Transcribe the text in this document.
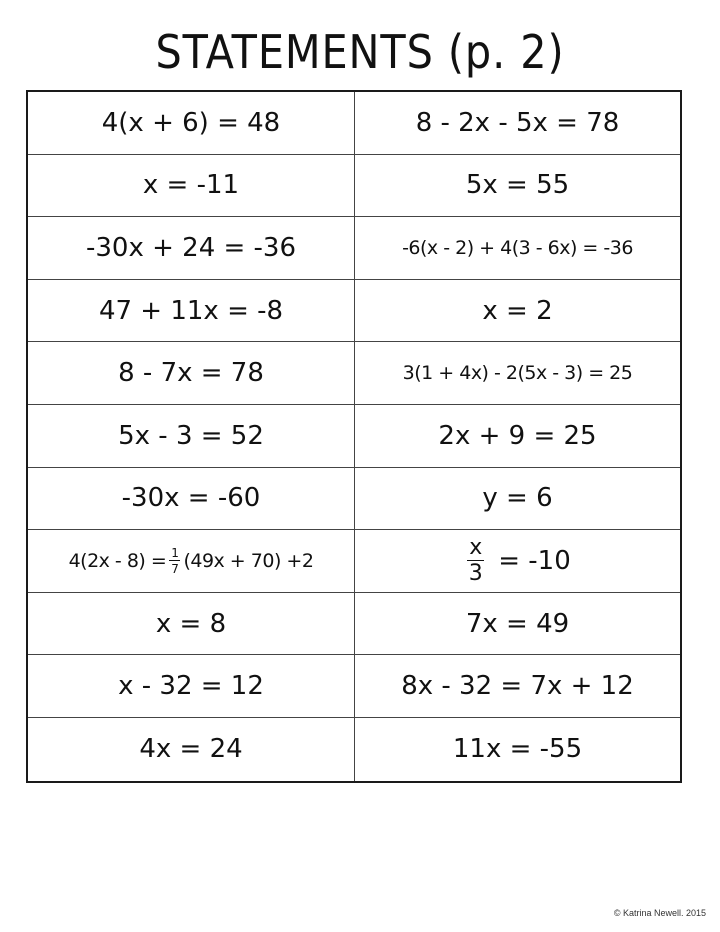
STATEMENTS (p. 2)
4(x + 6) = 48	8 - 2x - 5x = 78
x = -11	5x = 55
-30x + 24 = -36	-6(x - 2) + 4(3 - 6x) = -36
47 + 11x = -8	x = 2
8 - 7x = 78	3(1 + 4x) - 2(5x - 3) = 25
5x - 3 = 52	2x + 9 = 25
-30x = -60	y = 6
$4(2x - 8) = \frac{1}{7} (49x + 70) +2$	$\frac{x}{3} = -10$
x = 8	7x = 49
x - 32 = 12	8x - 32 = 7x + 12
4x = 24	11x = -55
© Katrina Newell. 2015
